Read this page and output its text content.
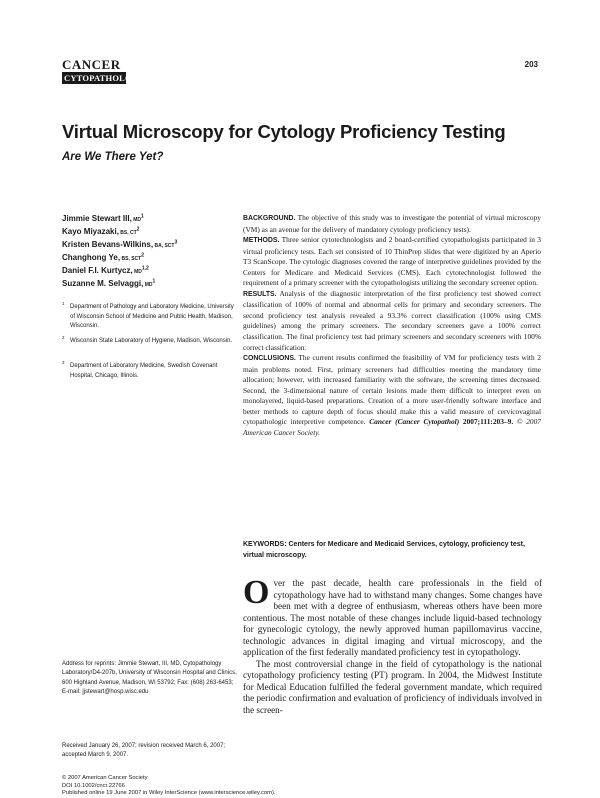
CANCER
CYTOPATHOLOGY
203
Virtual Microscopy for Cytology Proficiency Testing
Are We There Yet?
Jimmie Stewart III, $MD^1$
Kayo Miyazaki, BS, $CT^2$
Kristen Bevans-Wilkins, BA, SCT$^3$
Changhong Ye, BS, SCT$^2$
Daniel F.I. Kurtycz, MD$^{1,2}$
Suzanne M. Selvaggi, $MD^1$
1
Department of Pathology and Laboratory Medicine, University of Wisconsin School of Medicine and Public Health, Madison, Wisconsin.
2
Wisconsin State Laboratory of Hygiene, Madison, Wisconsin.
3
Department of Laboratory Medicine, Swedish Covenant Hospital, Chicago, Illinois.
Address for reprints: Jimmie Stewart, III, MD, Cytopathology Laboratory/D4-207b, University of Wisconsin Hospital and Clinics, 600 Highland Avenue, Madison, WI 53792; Fax: (608) 263-6453; E-mail: jjstewart@hosp.wisc.edu
Received January 26, 2007; revision received March 6, 2007; accepted March 9, 2007.
© 2007 American Cancer Society
DOI 10.1002/cncr.22766
Published online 19 June 2007 in Wiley InterScience (www.interscience.wiley.com).

BACKGROUND. The objective of this study was to investigate the potential of virtual microscopy (VM) as an avenue for the delivery of mandatory cytology proficiency tests).

METHODS. Three senior cytotechnologists and 2 board-certified cytopathologists participated in 3 virtual proficiency tests. Each set consisted of 10 ThinPrep slides that were digitized by an Aperio T3 ScanScope. The cytologic diagnoses covered the range of interpretive guidelines provided by the Centers for Medicare and Medicaid Services (CMS). Each cytotechnologist followed the requirement of a primary screener with the cytopathologists utilizing the secondary screener option.

RESULTS. Analysis of the diagnostic interpretation of the first proficiency test showed correct classification of 100% of normal and abnormal cells for primary and secondary screeners. The second proficiency test analysis revealed a 93.3% correct classification (100% using CMS guidelines) among the primary screeners. The secondary screeners gave a 100% correct classification. The final proficiency test had primary screeners and secondary screeners with 100% correct classification.

CONCLUSIONS. The current results confirmed the feasibility of VM for proficiency tests with 2 main problems noted. First, primary screeners had difficulties meeting the mandatory time allocation; however, with increased familiarity with the software, the screening times decreased. Second, the 3-dimensional nature of certain lesions made them difficult to interpret even on monolayered, liquid-based preparations. Creation of a more user-friendly software interface and better methods to capture depth of focus should make this a valid measure of cervicovaginal cytopathologic interpretive competence. Cancer (Cancer Cytopathol) 2007;111:203–9. © 2007 American Cancer Society.

KEYWORDS: Centers for Medicare and Medicaid Services, cytology, proficiency test, virtual microscopy.

Over the past decade, health care professionals in the field of cytopathology have had to withstand many changes. Some changes have been met with a degree of enthusiasm, whereas others have been more contentious. The most notable of these changes include liquid-based technology for gynecologic cytology, the newly approved human papillomavirus vaccine, technologic advances in digital imaging and virtual microscopy, and the application of the first federally mandated proficiency test in cytopathology.

The most controversial change in the field of cytopathology is the national cytopathology proficiency testing (PT) program. In 2004, the Midwest Institute for Medical Education fulfilled the federal government mandate, which required the periodic confirmation and evaluation of proficiency of individuals involved in the screen-
